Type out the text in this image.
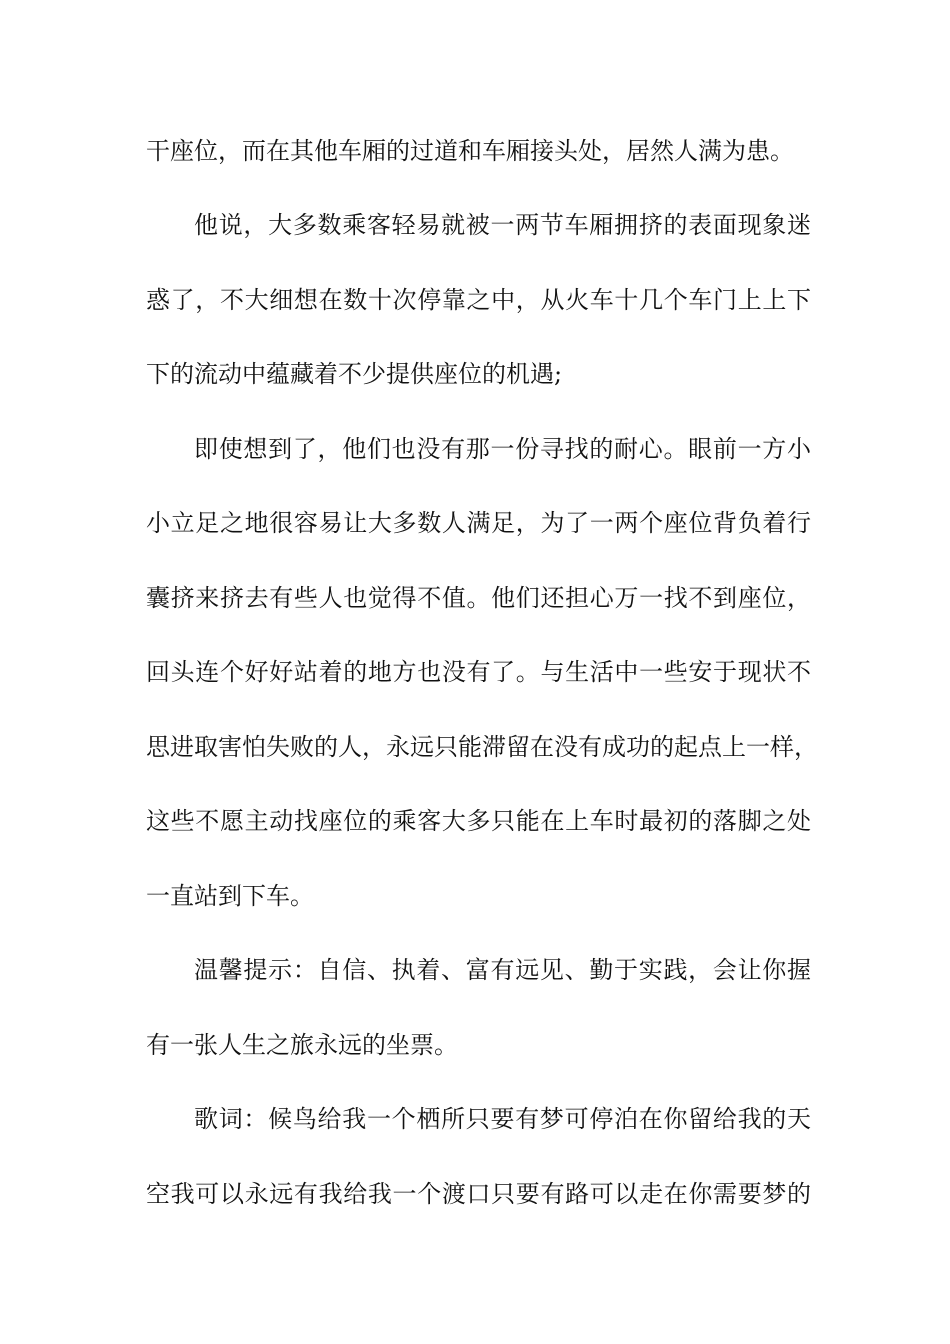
干座位，而在其他车厢的过道和车厢接头处，居然人满为患。
他说，大多数乘客轻易就被一两节车厢拥挤的表面现象迷
惑了，不大细想在数十次停靠之中，从火车十几个车门上上下
下的流动中蕴藏着不少提供座位的机遇;
即使想到了，他们也没有那一份寻找的耐心。眼前一方小
小立足之地很容易让大多数人满足，为了一两个座位背负着行
囊挤来挤去有些人也觉得不值。他们还担心万一找不到座位，
回头连个好好站着的地方也没有了。与生活中一些安于现状不
思进取害怕失败的人，永远只能滞留在没有成功的起点上一样，
这些不愿主动找座位的乘客大多只能在上车时最初的落脚之处
一直站到下车。
温馨提示：自信、执着、富有远见、勤于实践，会让你握
有一张人生之旅永远的坐票。
歌词：候鸟给我一个栖所只要有梦可停泊在你留给我的天
空我可以永远有我给我一个渡口只要有路可以走在你需要梦的
